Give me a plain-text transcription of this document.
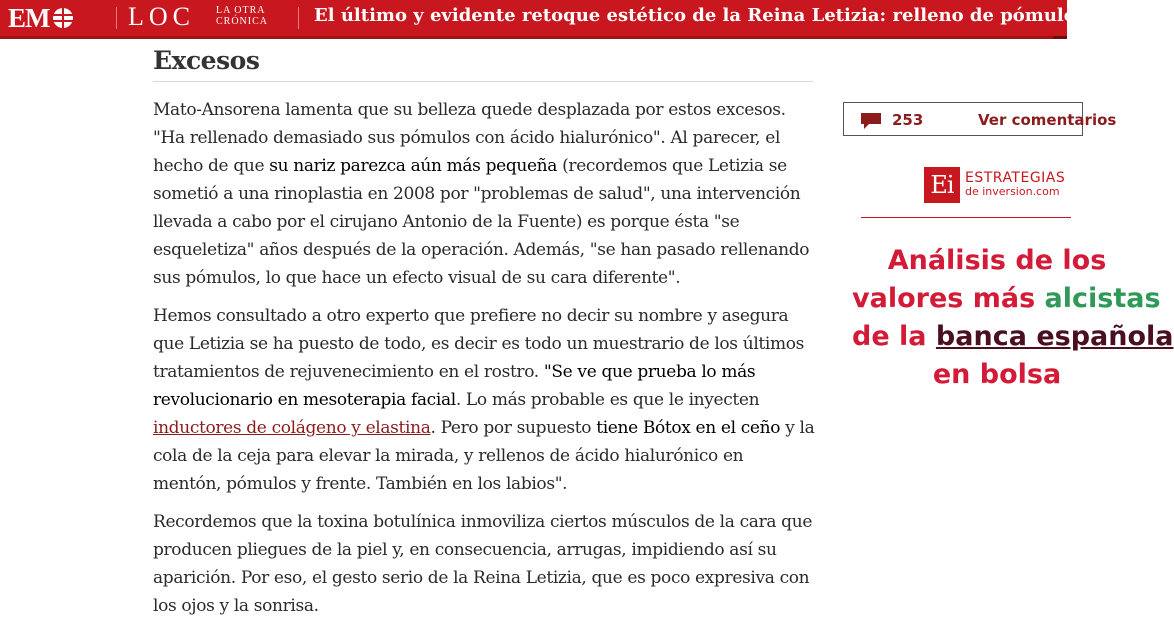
EM	LOC LA OTRA
CRÓNICA	El último y evidente retoque estético de la Reina Letizia: relleno de pómulos
Excesos

Mato-Ansorena lamenta que su belleza quede desplazada por estos excesos. "Ha rellenado demasiado sus pómulos con ácido hialurónico". Al parecer, el hecho de que su nariz parezca aún más pequeña (recordemos que Letizia se sometió a una rinoplastia en 2008 por "problemas de salud", una intervención llevada a cabo por el cirujano Antonio de la Fuente) es porque ésta "se esqueletiza" años después de la operación. Además, "se han pasado rellenando sus pómulos, lo que hace un efecto visual de su cara diferente".

Hemos consultado a otro experto que prefiere no decir su nombre y asegura que Letizia se ha puesto de todo, es decir es todo un muestrario de los últimos tratamientos de rejuvenecimiento en el rostro. "Se ve que prueba lo más revolucionario en mesoterapia facial. Lo más probable es que le inyecten inductores de colágeno y elastina. Pero por supuesto tiene Bótox en el ceño y la cola de la ceja para elevar la mirada, y rellenos de ácido hialurónico en mentón, pómulos y frente. También en los labios".

Recordemos que la toxina botulínica inmoviliza ciertos músculos de la cara que producen pliegues de la piel y, en consecuencia, arrugas, impidiendo así su aparición. Por eso, el gesto serio de la Reina Letizia, que es poco expresiva con los ojos y la sonrisa.

253	Ver comentarios
Ei ESTRATEGIAS
de inversion.com
Análisis de los
valores más alcistas
de la banca española
en bolsa
